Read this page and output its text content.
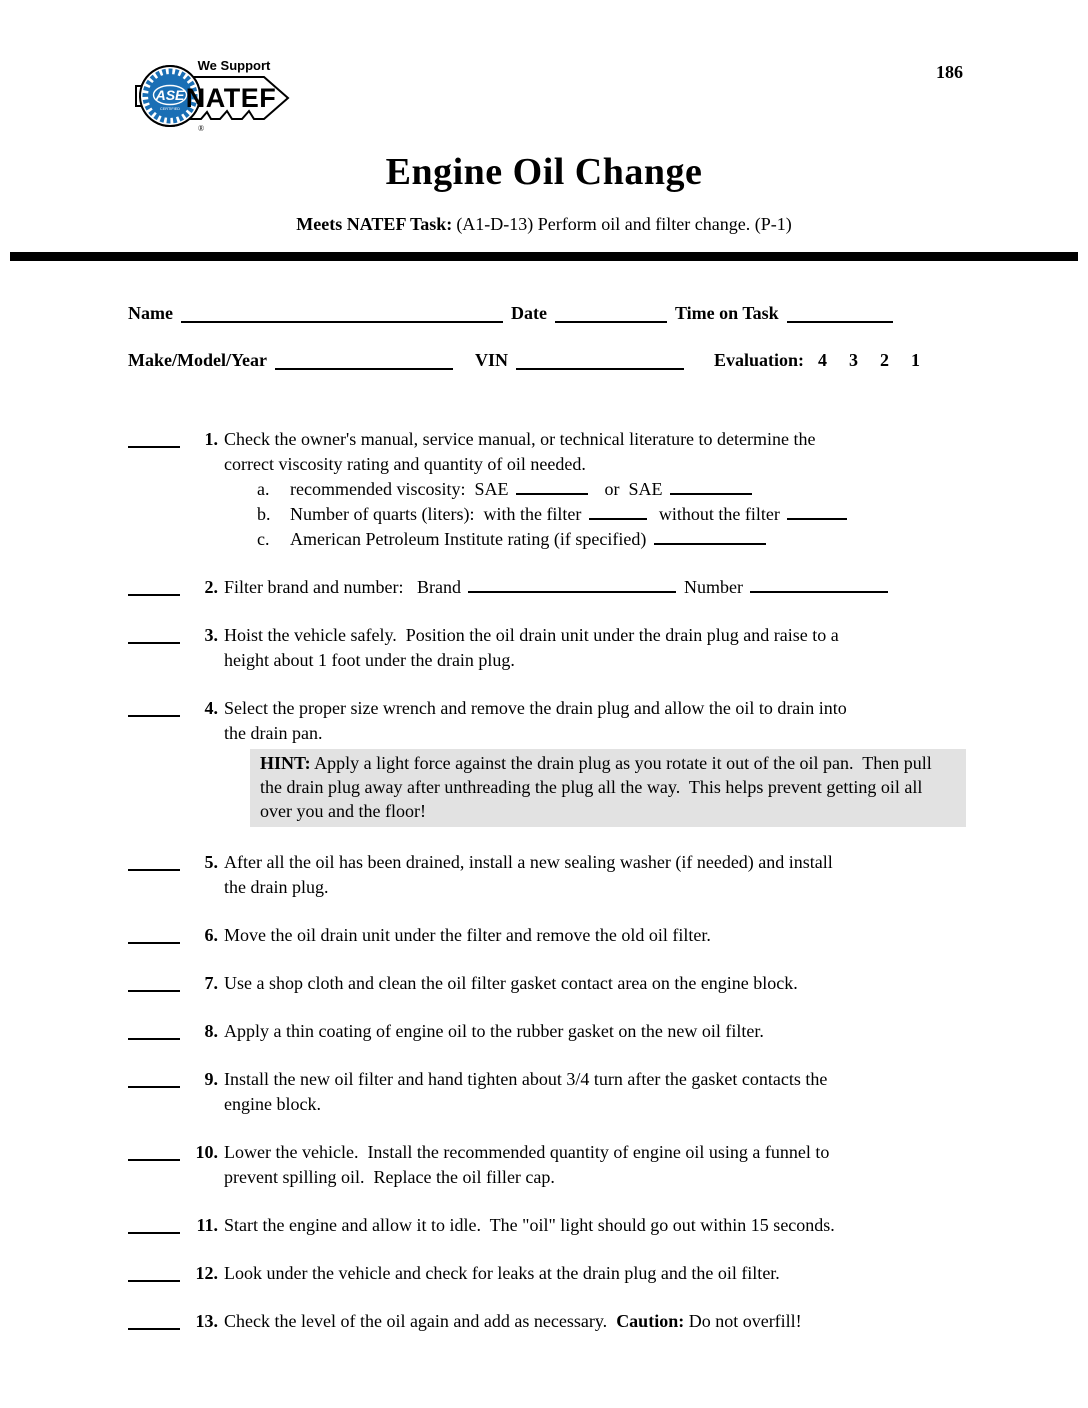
186
ASE
CERTIFIED
®
We Support
NATEF
Engine Oil Change
Meets NATEF Task: (A1-D-13) Perform oil and filter change. (P-1)
Name	Date	Time on Task
Make/Model/Year	VIN	Evaluation: 4 3 2 1
1. Check the owner's manual, service manual, or technical literature to determine the
correct viscosity rating and quantity of oil needed.
a.	recommended viscosity:  SAE	or  SAE
b.	Number of quarts (liters):  with the filter	without the filter
c.	American Petroleum Institute rating (if specified)
2. Filter brand and number:   Brand	Number
3. Hoist the vehicle safely.  Position the oil drain unit under the drain plug and raise to a
height about 1 foot under the drain plug.
4. Select the proper size wrench and remove the drain plug and allow the oil to drain into
the drain pan.
HINT: Apply a light force against the drain plug as you rotate it out of the oil pan.  Then pull the drain plug away after unthreading the plug all the way.  This helps prevent getting oil all over you and the floor!
5. After all the oil has been drained, install a new sealing washer (if needed) and install
the drain plug.
6. Move the oil drain unit under the filter and remove the old oil filter.
7. Use a shop cloth and clean the oil filter gasket contact area on the engine block.
8. Apply a thin coating of engine oil to the rubber gasket on the new oil filter.
9. Install the new oil filter and hand tighten about 3/4 turn after the gasket contacts the
engine block.
10. Lower the vehicle.  Install the recommended quantity of engine oil using a funnel to
prevent spilling oil.  Replace the oil filler cap.
11. Start the engine and allow it to idle.  The "oil" light should go out within 15 seconds.
12. Look under the vehicle and check for leaks at the drain plug and the oil filter.
13. Check the level of the oil again and add as necessary.  Caution: Do not overfill!
